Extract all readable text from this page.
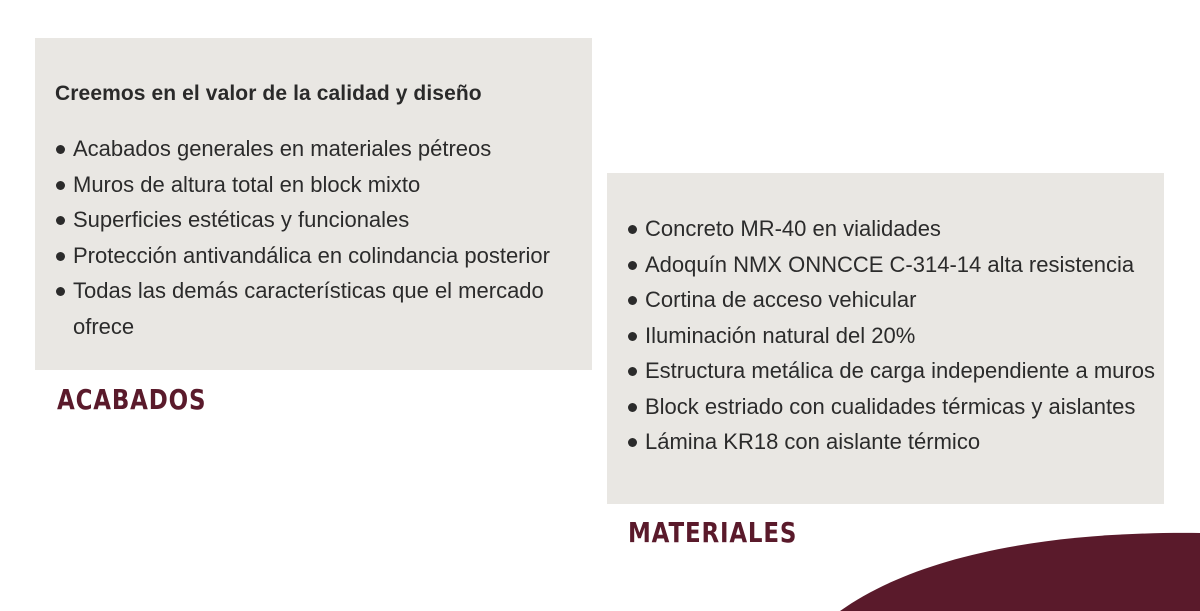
Creemos en el valor de la calidad y diseño
Acabados generales en materiales pétreos
Muros de altura total en block mixto
Superficies estéticas y funcionales
Protección antivandálica en colindancia posterior
Todas las demás características que el mercado ofrece
ACABADOS
Concreto MR-40 en vialidades
Adoquín NMX ONNCCE C-314-14 alta resistencia
Cortina de acceso vehicular
Iluminación natural del 20%
Estructura metálica de carga independiente a muros
Block estriado con cualidades térmicas y aislantes
Lámina KR18 con aislante térmico
MATERIALES
